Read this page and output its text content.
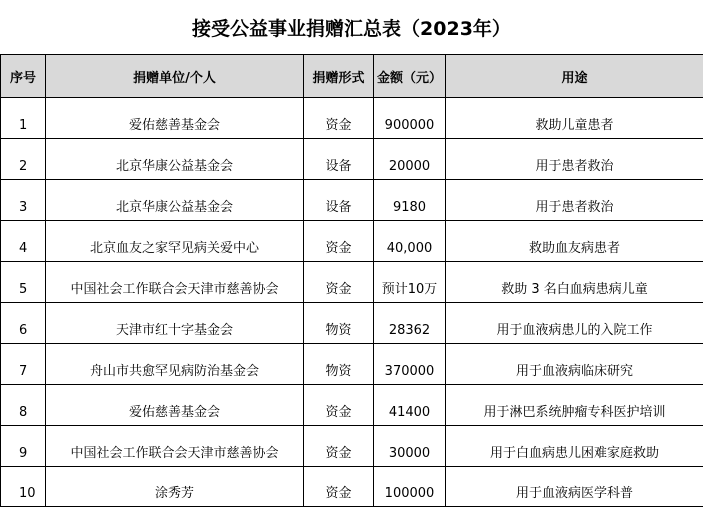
接受公益事业捐赠汇总表（2023年）
序号	捐赠单位/个人	捐赠形式	金额（元）	用途
1	爱佑慈善基金会	资金	900000	救助儿童患者
2	北京华康公益基金会	设备	20000	用于患者救治
3	北京华康公益基金会	设备	9180	用于患者救治
4	北京血友之家罕见病关爱中心	资金	40,000	救助血友病患者
5	中国社会工作联合会天津市慈善协会	资金	预计10万	救助 3 名白血病患病儿童
6	天津市红十字基金会	物资	28362	用于血液病患儿的入院工作
7	舟山市共愈罕见病防治基金会	物资	370000	用于血液病临床研究
8	爱佑慈善基金会	资金	41400	用于淋巴系统肿瘤专科医护培训
9	中国社会工作联合会天津市慈善协会	资金	30000	用于白血病患儿困难家庭救助
10	涂秀芳	资金	100000	用于血液病医学科普
